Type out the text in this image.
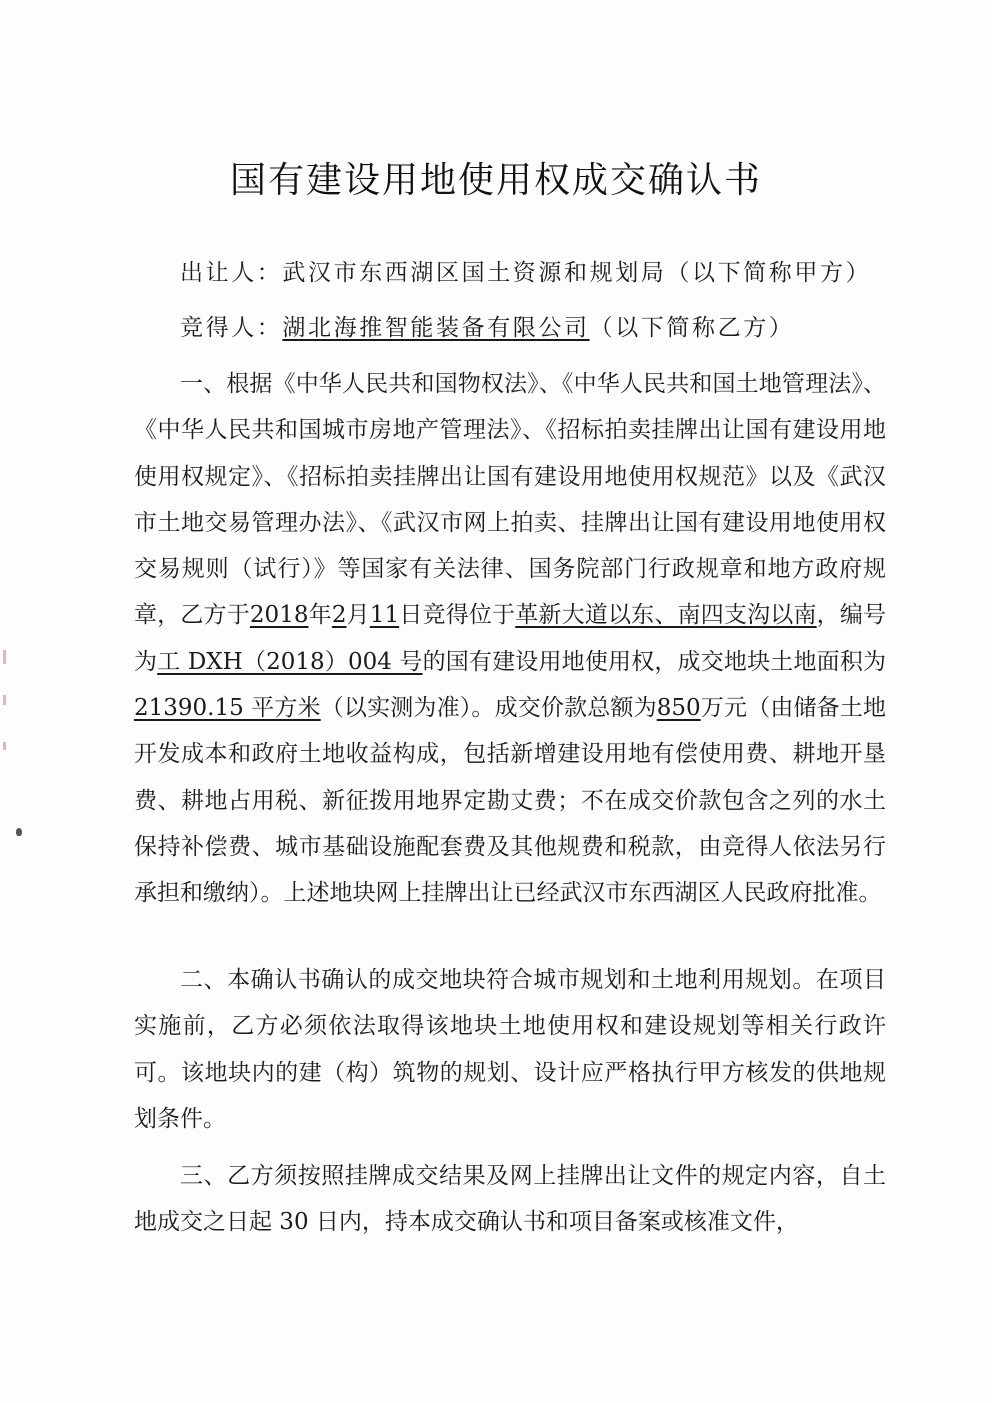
国有建设用地使用权成交确认书
出让人：武汉市东西湖区国土资源和规划局（以下简称甲方）
竞得人：湖北海推智能装备有限公司（以下简称乙方）

一、根据《中华人民共和国物权法》、《中华人民共和国土地管理法》、《中华人民共和国城市房地产管理法》、《招标拍卖挂牌出让国有建设用地使用权规定》、《招标拍卖挂牌出让国有建设用地使用权规范》以及《武汉市土地交易管理办法》、《武汉市网上拍卖、挂牌出让国有建设用地使用权交易规则（试行）》等国家有关法律、国务院部门行政规章和地方政府规章，乙方于2018年2月11日竞得位于革新大道以东、南四支沟以南，编号为工 DXH（2018）004 号的国有建设用地使用权，成交地块土地面积为21390.15 平方米（以实测为准）。成交价款总额为850万元（由储备土地开发成本和政府土地收益构成，包括新增建设用地有偿使用费、耕地开垦费、耕地占用税、新征拨用地界定勘丈费；不在成交价款包含之列的水土保持补偿费、城市基础设施配套费及其他规费和税款，由竞得人依法另行承担和缴纳）。上述地块网上挂牌出让已经武汉市东西湖区人民政府批准。

二、本确认书确认的成交地块符合城市规划和土地利用规划。在项目实施前，乙方必须依法取得该地块土地使用权和建设规划等相关行政许可。该地块内的建（构）筑物的规划、设计应严格执行甲方核发的供地规划条件。

三、乙方须按照挂牌成交结果及网上挂牌出让文件的规定内容，自土地成交之日起 30 日内，持本成交确认书和项目备案或核准文件，
